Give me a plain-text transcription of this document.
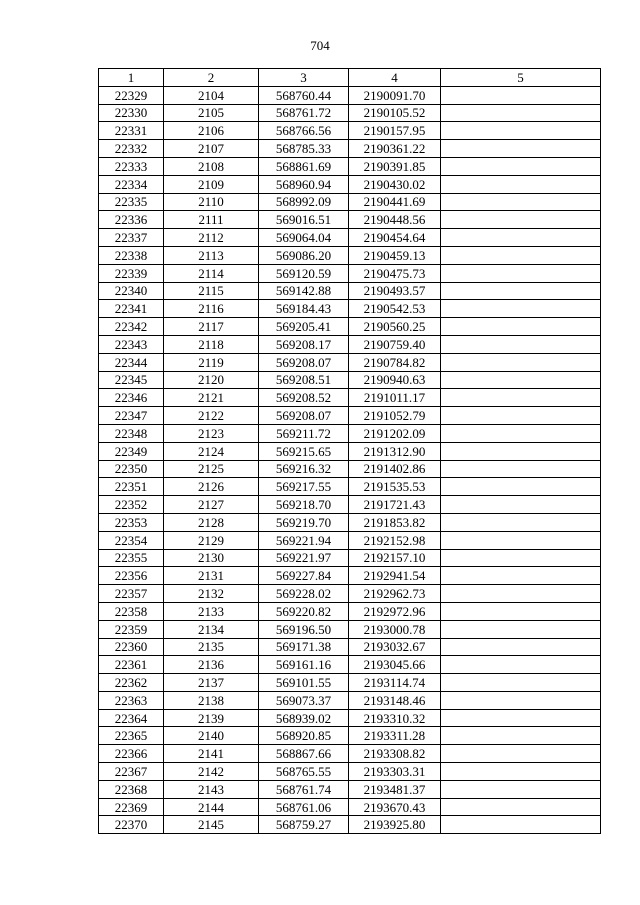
704
1	2	3	4	5
22329	2104	568760.44	2190091.70	
22330	2105	568761.72	2190105.52	
22331	2106	568766.56	2190157.95	
22332	2107	568785.33	2190361.22	
22333	2108	568861.69	2190391.85	
22334	2109	568960.94	2190430.02	
22335	2110	568992.09	2190441.69	
22336	2111	569016.51	2190448.56	
22337	2112	569064.04	2190454.64	
22338	2113	569086.20	2190459.13	
22339	2114	569120.59	2190475.73	
22340	2115	569142.88	2190493.57	
22341	2116	569184.43	2190542.53	
22342	2117	569205.41	2190560.25	
22343	2118	569208.17	2190759.40	
22344	2119	569208.07	2190784.82	
22345	2120	569208.51	2190940.63	
22346	2121	569208.52	2191011.17	
22347	2122	569208.07	2191052.79	
22348	2123	569211.72	2191202.09	
22349	2124	569215.65	2191312.90	
22350	2125	569216.32	2191402.86	
22351	2126	569217.55	2191535.53	
22352	2127	569218.70	2191721.43	
22353	2128	569219.70	2191853.82	
22354	2129	569221.94	2192152.98	
22355	2130	569221.97	2192157.10	
22356	2131	569227.84	2192941.54	
22357	2132	569228.02	2192962.73	
22358	2133	569220.82	2192972.96	
22359	2134	569196.50	2193000.78	
22360	2135	569171.38	2193032.67	
22361	2136	569161.16	2193045.66	
22362	2137	569101.55	2193114.74	
22363	2138	569073.37	2193148.46	
22364	2139	568939.02	2193310.32	
22365	2140	568920.85	2193311.28	
22366	2141	568867.66	2193308.82	
22367	2142	568765.55	2193303.31	
22368	2143	568761.74	2193481.37	
22369	2144	568761.06	2193670.43	
22370	2145	568759.27	2193925.80	
